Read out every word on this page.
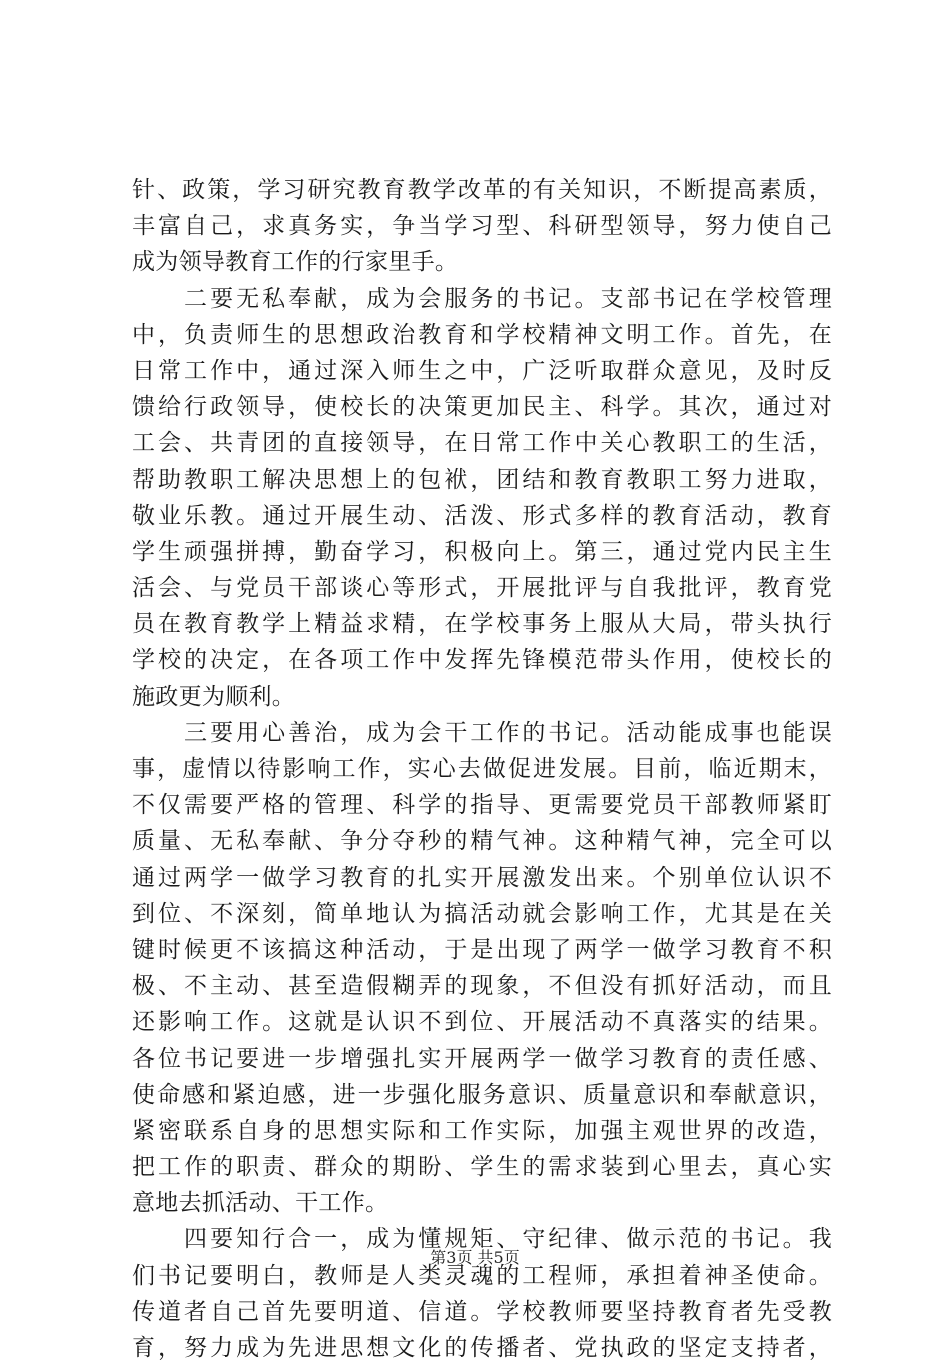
针、政策，学习研究教育教学改革的有关知识，不断提高素质，
丰富自己，求真务实，争当学习型、科研型领导，努力使自己
成为领导教育工作的行家里手。
　　二要无私奉献，成为会服务的书记。支部书记在学校管理
中，负责师生的思想政治教育和学校精神文明工作。首先，在
日常工作中，通过深入师生之中，广泛听取群众意见，及时反
馈给行政领导，使校长的决策更加民主、科学。其次，通过对
工会、共青团的直接领导，在日常工作中关心教职工的生活，
帮助教职工解决思想上的包袱，团结和教育教职工努力进取，
敬业乐教。通过开展生动、活泼、形式多样的教育活动，教育
学生顽强拼搏，勤奋学习，积极向上。第三，通过党内民主生
活会、与党员干部谈心等形式，开展批评与自我批评，教育党
员在教育教学上精益求精，在学校事务上服从大局，带头执行
学校的决定，在各项工作中发挥先锋模范带头作用，使校长的
施政更为顺利。
　　三要用心善治，成为会干工作的书记。活动能成事也能误
事，虚情以待影响工作，实心去做促进发展。目前，临近期末，
不仅需要严格的管理、科学的指导、更需要党员干部教师紧盯
质量、无私奉献、争分夺秒的精气神。这种精气神，完全可以
通过两学一做学习教育的扎实开展激发出来。个别单位认识不
到位、不深刻，简单地认为搞活动就会影响工作，尤其是在关
键时候更不该搞这种活动，于是出现了两学一做学习教育不积
极、不主动、甚至造假糊弄的现象，不但没有抓好活动，而且
还影响工作。这就是认识不到位、开展活动不真落实的结果。
各位书记要进一步增强扎实开展两学一做学习教育的责任感、
使命感和紧迫感，进一步强化服务意识、质量意识和奉献意识，
紧密联系自身的思想实际和工作实际，加强主观世界的改造，
把工作的职责、群众的期盼、学生的需求装到心里去，真心实
意地去抓活动、干工作。
　　四要知行合一，成为懂规矩、守纪律、做示范的书记。我
们书记要明白，教师是人类灵魂的工程师，承担着神圣使命。
传道者自己首先要明道、信道。学校教师要坚持教育者先受教
育，努力成为先进思想文化的传播者、党执政的坚定支持者，
第3页 共5页
